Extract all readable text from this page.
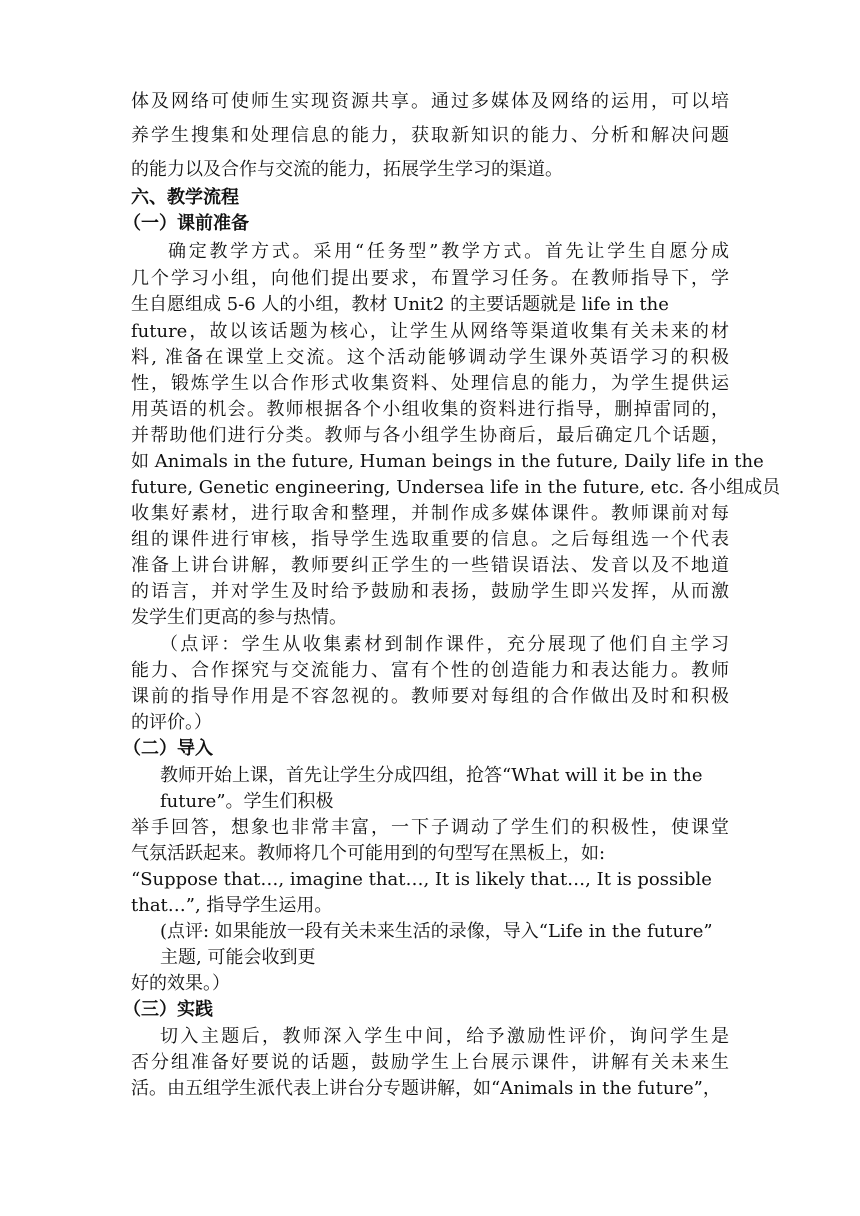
体及网络可使师生实现资源共享。通过多媒体及网络的运用，可以培
养学生搜集和处理信息的能力，获取新知识的能力、分析和解决问题
的能力以及合作与交流的能力，拓展学生学习的渠道。
六、教学流程
（一）课前准备
确定教学方式。采用“任务型”教学方式。首先让学生自愿分成
几个学习小组，向他们提出要求，布置学习任务。在教师指导下，学
生自愿组成 5-6 人的小组，教材 Unit2 的主要话题就是 life in the
future，故以该话题为核心，让学生从网络等渠道收集有关未来的材
料, 准备在课堂上交流。这个活动能够调动学生课外英语学习的积极
性，锻炼学生以合作形式收集资料、处理信息的能力，为学生提供运
用英语的机会。教师根据各个小组收集的资料进行指导，删掉雷同的，
并帮助他们进行分类。教师与各小组学生协商后，最后确定几个话题，
如 Animals in the future, Human beings in the future, Daily life in the
future, Genetic engineering, Undersea life in the future, etc. 各小组成员
收集好素材，进行取舍和整理，并制作成多媒体课件。教师课前对每
组的课件进行审核，指导学生选取重要的信息。之后每组选一个代表
准备上讲台讲解，教师要纠正学生的一些错误语法、发音以及不地道
的语言，并对学生及时给予鼓励和表扬，鼓励学生即兴发挥，从而激
发学生们更高的参与热情。
（点评：学生从收集素材到制作课件，充分展现了他们自主学习
能力、合作探究与交流能力、富有个性的创造能力和表达能力。教师
课前的指导作用是不容忽视的。教师要对每组的合作做出及时和积极
的评价。）
（二）导入
教师开始上课，首先让学生分成四组，抢答“What will it be in the
future”。学生们积极
举手回答，想象也非常丰富，一下子调动了学生们的积极性，使课堂
气氛活跃起来。教师将几个可能用到的句型写在黑板上，如:
“Suppose that…, imagine that…, It is likely that…, It is possible
that…”, 指导学生运用。
(点评: 如果能放一段有关未来生活的录像，导入“Life in the future”
主题, 可能会收到更
好的效果。）
（三）实践
切入主题后，教师深入学生中间，给予激励性评价，询问学生是
否分组准备好要说的话题，鼓励学生上台展示课件，讲解有关未来生
活。由五组学生派代表上讲台分专题讲解，如“Animals in the future”，
